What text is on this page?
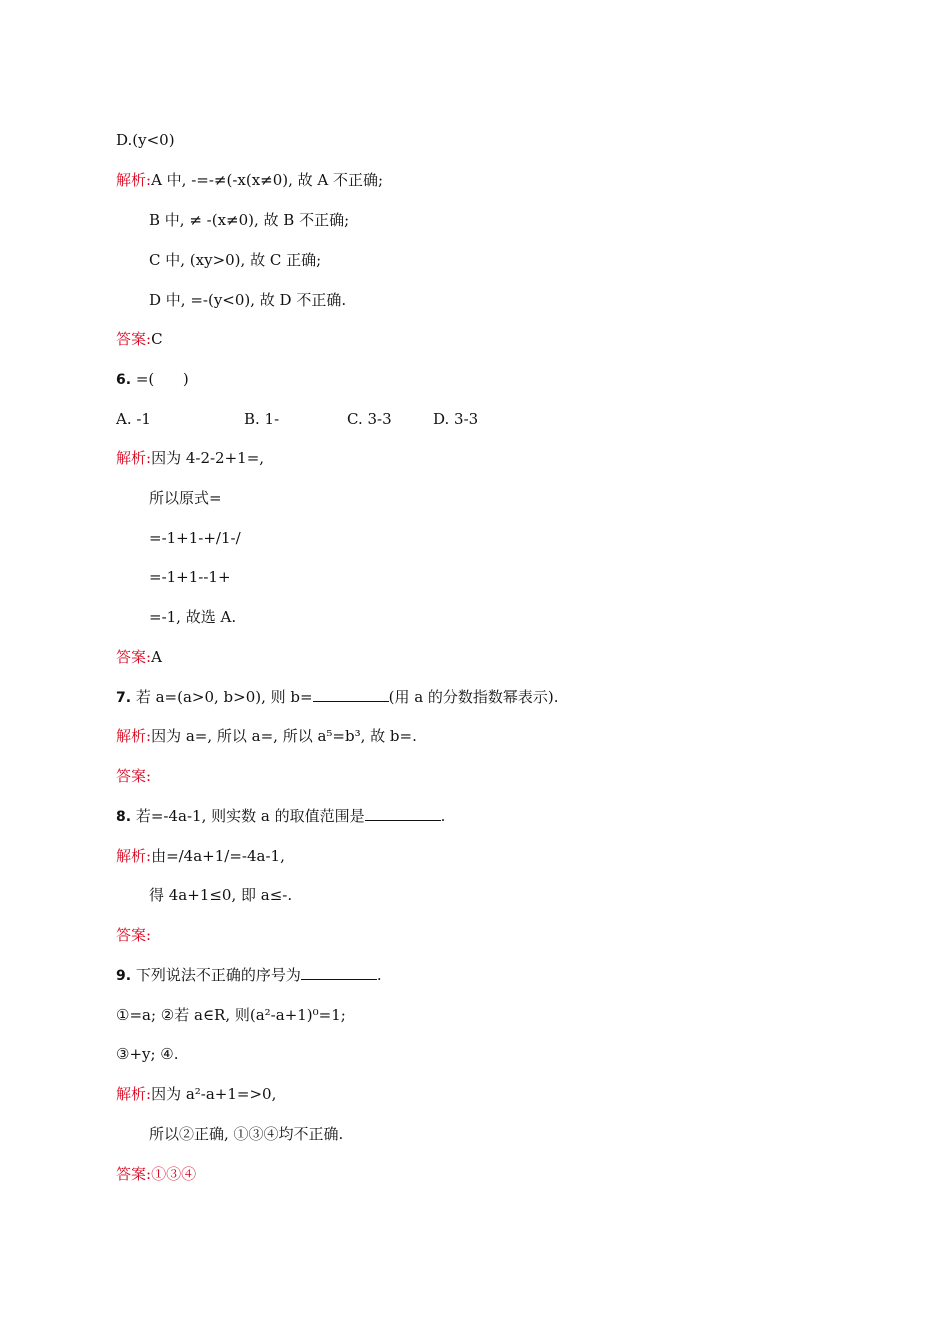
D.(y<0)
解析:A 中, -=-≠(-x(x≠0), 故 A 不正确;
B 中, ≠ -(x≠0), 故 B 不正确;
C 中, (xy>0), 故 C 正确;
D 中, =-(y<0), 故 D 不正确.
答案:C
6. =(      )

A. -1

	B. 1-

	C. 3-3

	D. 3-3

解析:因为 4-2-2+1=,
所以原式=
=-1+1-+/1-/
=-1+1--1+
=-1, 故选 A.
答案:A
7. 若 a=(a>0, b>0), 则 b=	(用 a 的分数指数幂表示).
解析:因为 a=, 所以 a=, 所以 a⁵=b³, 故 b=.
答案:
8. 若=-4a-1, 则实数 a 的取值范围是	.
解析:由=/4a+1/=-4a-1,
得 4a+1≤0, 即 a≤-.
答案:
9. 下列说法不正确的序号为	.
①=a; ②若 a∈R, 则(a²-a+1)⁰=1;
③+y; ④.
解析:因为 a²-a+1=>0,
所以②正确, ①③④均不正确.
答案:①③④
